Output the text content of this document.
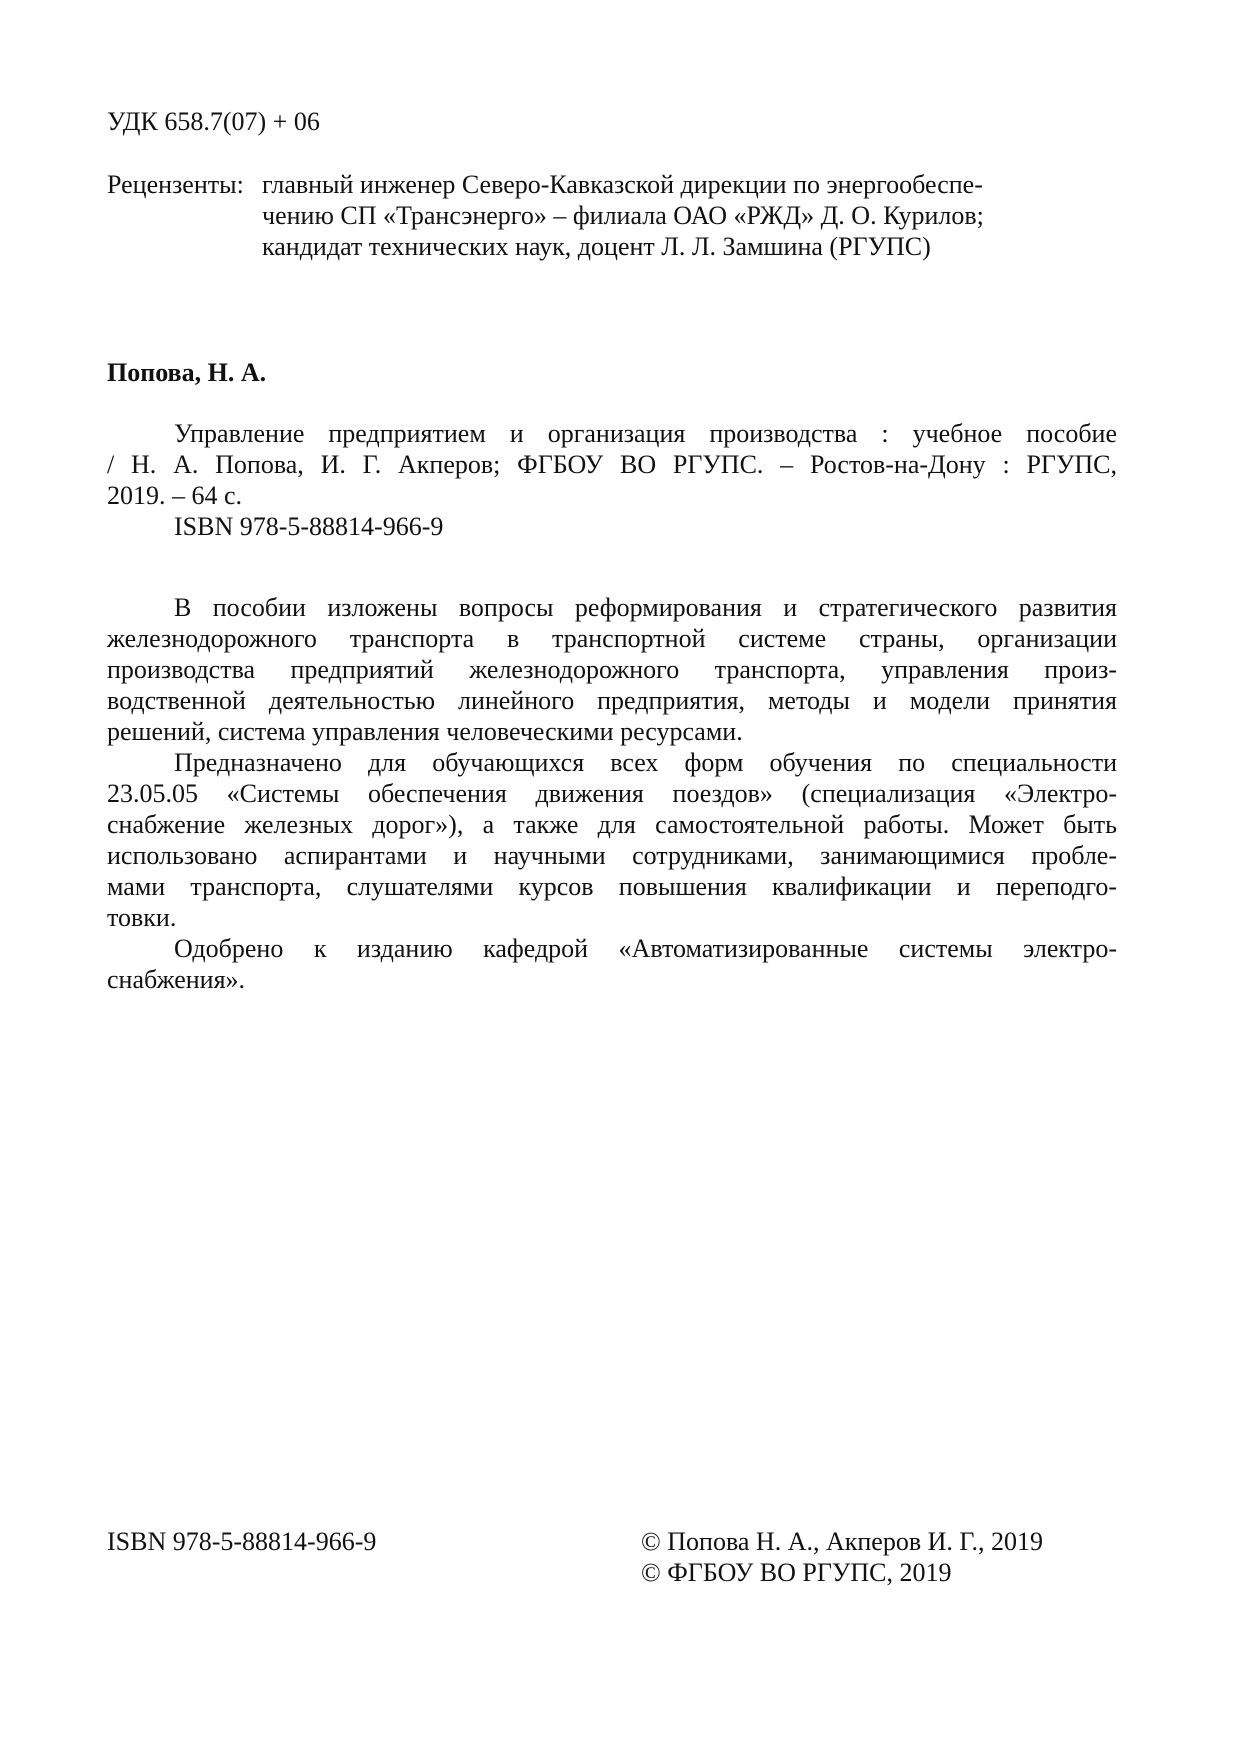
УДК 658.7(07) + 06
Рецензенты: главный инженер Северо-Кавказской дирекции по энергообеспе-
чению СП «Трансэнерго» – филиала ОАО «РЖД» Д. О. Курилов;
кандидат технических наук, доцент Л. Л. Замшина (РГУПС)
Попова, Н. А.
Управление предприятием и организация производства : учебное пособие
/ Н. А. Попова, И. Г. Акперов; ФГБОУ ВО РГУПС. – Ростов-на-Дону : РГУПС,
2019. – 64 с.
ISBN 978-5-88814-966-9
В пособии изложены вопросы реформирования и стратегического развития
железнодорожного транспорта в транспортной системе страны, организации
производства предприятий железнодорожного транспорта, управления произ-
водственной деятельностью линейного предприятия, методы и модели принятия
решений, система управления человеческими ресурсами.
Предназначено для обучающихся всех форм обучения по специальности
23.05.05 «Системы обеспечения движения поездов» (специализация «Электро-
снабжение железных дорог»), а также для самостоятельной работы. Может быть
использовано аспирантами и научными сотрудниками, занимающимися пробле-
мами транспорта, слушателями курсов повышения квалификации и переподго-
товки.
Одобрено к изданию кафедрой «Автоматизированные системы электро-
снабжения».
ISBN 978-5-88814-966-9	© Попова Н. А., Акперов И. Г., 2019
© ФГБОУ ВО РГУПС, 2019
